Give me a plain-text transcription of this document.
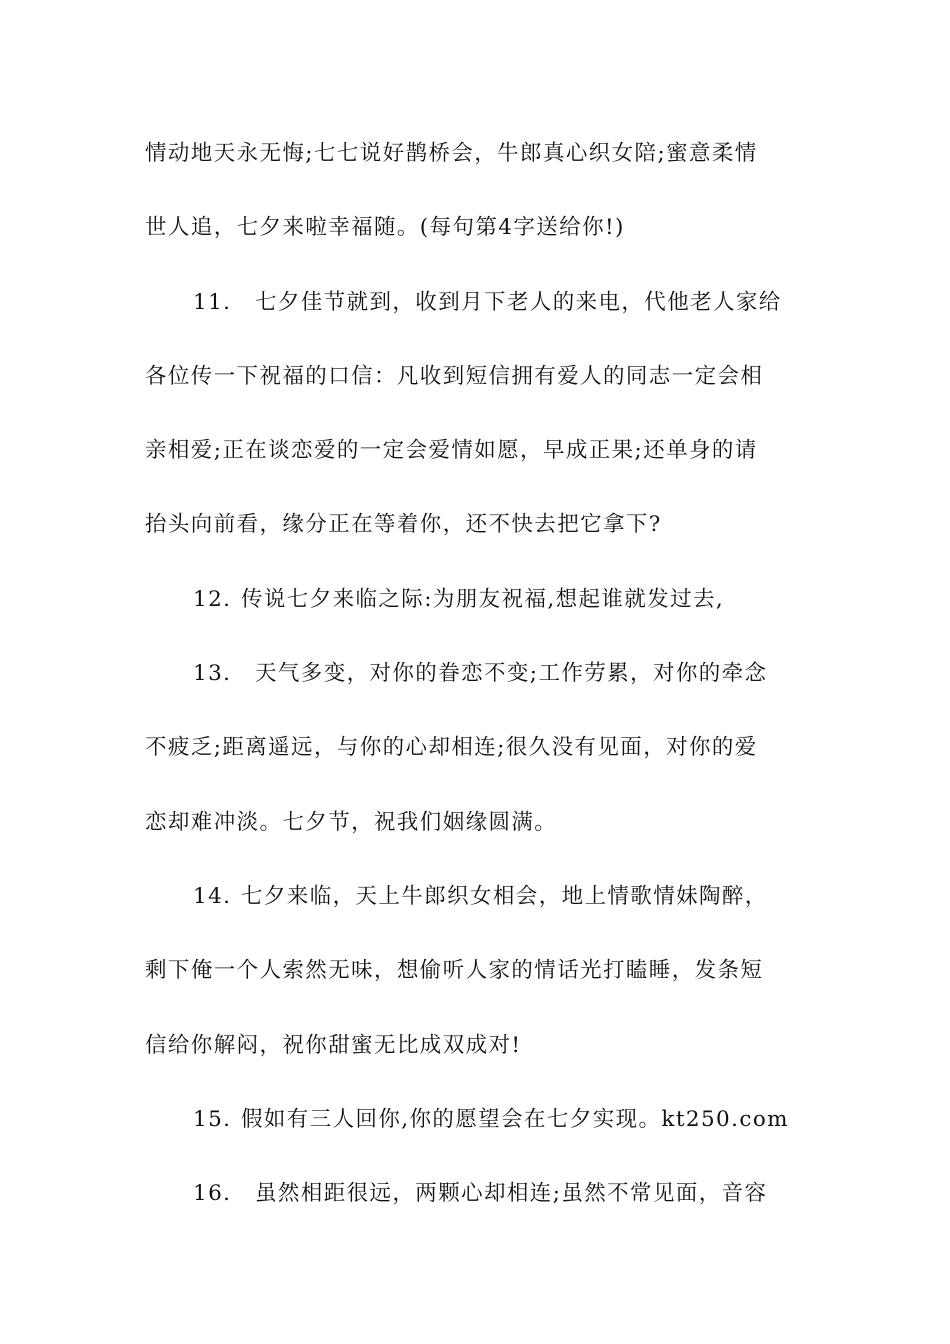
情动地天永无悔;七七说好鹊桥会，牛郎真心织女陪;蜜意柔情
世人追，七夕来啦幸福随。(每句第4字送给你!)
11. 七夕佳节就到，收到月下老人的来电，代他老人家给
各位传一下祝福的口信：凡收到短信拥有爱人的同志一定会相
亲相爱;正在谈恋爱的一定会爱情如愿，早成正果;还单身的请
抬头向前看，缘分正在等着你，还不快去把它拿下?
12. 传说七夕来临之际:为朋友祝福,想起谁就发过去,
13. 天气多变，对你的眷恋不变;工作劳累，对你的牵念
不疲乏;距离遥远，与你的心却相连;很久没有见面，对你的爱
恋却难冲淡。七夕节，祝我们姻缘圆满。
14. 七夕来临，天上牛郎织女相会，地上情歌情妹陶醉，
剩下俺一个人索然无味，想偷听人家的情话光打瞌睡，发条短
信给你解闷，祝你甜蜜无比成双成对!
15. 假如有三人回你,你的愿望会在七夕实现。kt250.com
16. 虽然相距很远，两颗心却相连;虽然不常见面，音容
